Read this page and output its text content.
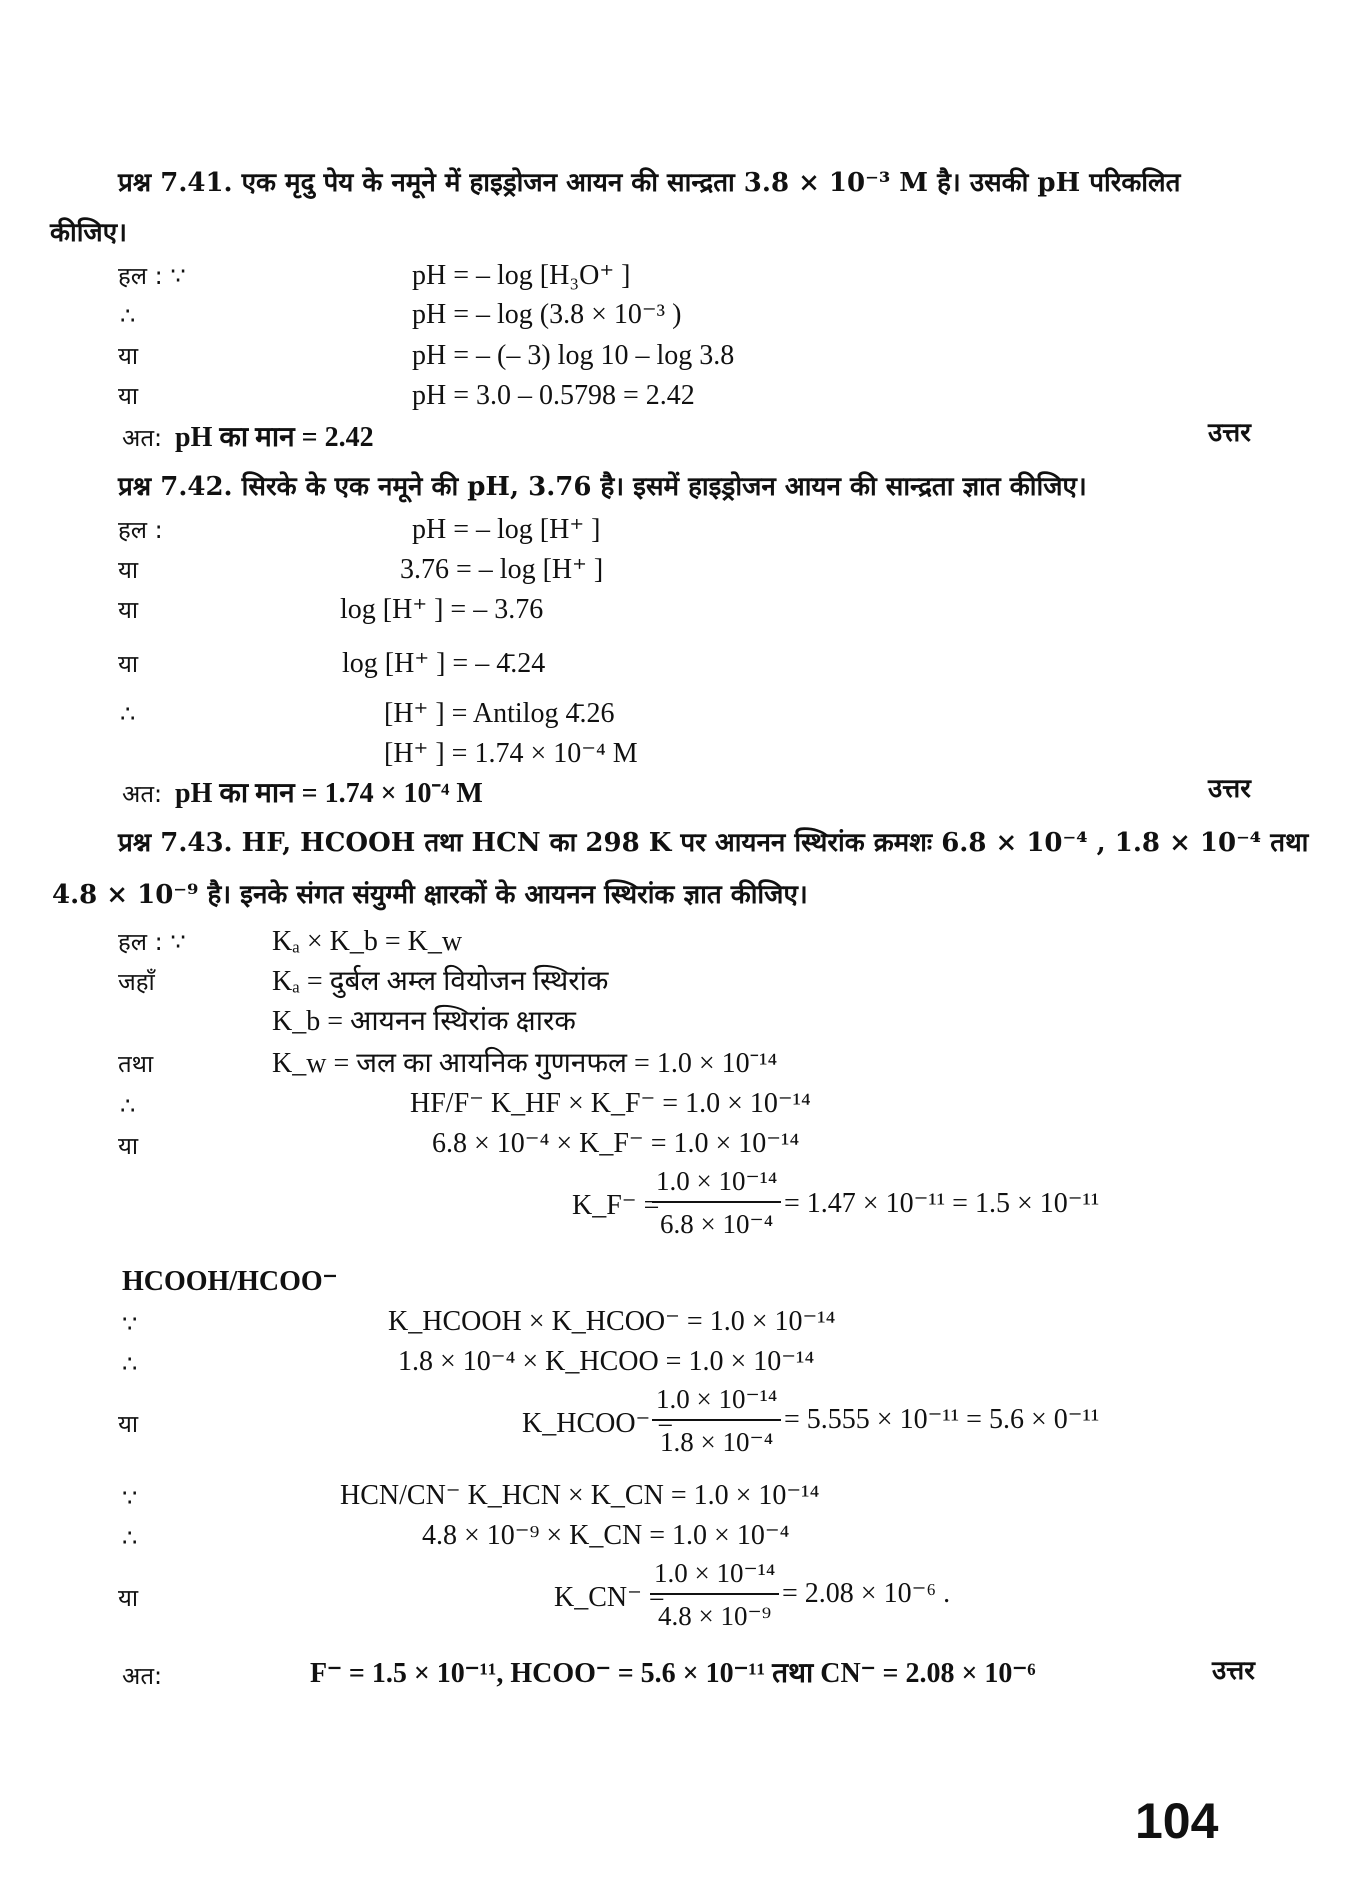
प्रश्न 7.41. एक मृदु पेय के नमूने में हाइड्रोजन आयन की सान्द्रता 3.8 × 10⁻³ M है। उसकी pH परिकलित
कीजिए।
हल : ∵	pH = – log [H₃O⁺ ]
∴	pH = – log (3.8 × 10⁻³ )
या	pH = – (– 3) log 10 – log 3.8
या	pH = 3.0 – 0.5798 = 2.42
अत: pH का मान = 2.42	उत्तर
प्रश्न 7.42. सिरके के एक नमूने की pH, 3.76 है। इसमें हाइड्रोजन आयन की सान्द्रता ज्ञात कीजिए।
हल :	pH = – log [H⁺ ]
या	3.76 = – log [H⁺ ]
या	log [H⁺ ] = – 3.76
या	log [H⁺ ] = – 4̄.24
∴	[H⁺ ] = Antilog 4̄.26
[H⁺ ] = 1.74 × 10⁻⁴ M
अत: pH का मान = 1.74 × 10⁻⁴ M	उत्तर
प्रश्न 7.43. HF, HCOOH तथा HCN का 298 K पर आयनन स्थिरांक क्रमशः 6.8 × 10⁻⁴ , 1.8 × 10⁻⁴ तथा
4.8 × 10⁻⁹ है। इनके संगत संयुग्मी क्षारकों के आयनन स्थिरांक ज्ञात कीजिए।
हल : ∵	Kₐ × K_b = K_w
जहाँ	Kₐ = दुर्बल अम्ल वियोजन स्थिरांक
K_b = आयनन स्थिरांक क्षारक
तथा	K_w = जल का आयनिक गुणनफल = 1.0 × 10⁻¹⁴
∴	HF/F⁻ K_HF × K_F⁻ = 1.0 × 10⁻¹⁴
या	6.8 × 10⁻⁴ × K_F⁻ = 1.0 × 10⁻¹⁴
K_F⁻ =
1.0 × 10⁻¹⁴
6.8 × 10⁻⁴
= 1.47 × 10⁻¹¹ = 1.5 × 10⁻¹¹
HCOOH/HCOO⁻
∵	K_HCOOH × K_HCOO⁻ = 1.0 × 10⁻¹⁴
∴	1.8 × 10⁻⁴ × K_HCOO = 1.0 × 10⁻¹⁴
या	K_HCOO⁻ =
1.0 × 10⁻¹⁴
1.8 × 10⁻⁴
= 5.555 × 10⁻¹¹ = 5.6 × 0⁻¹¹
∵	HCN/CN⁻ K_HCN × K_CN = 1.0 × 10⁻¹⁴
∴	4.8 × 10⁻⁹ × K_CN = 1.0 × 10⁻⁴
या	K_CN⁻ =
1.0 × 10⁻¹⁴
4.8 × 10⁻⁹
= 2.08 × 10⁻⁶ .
अत:	F⁻ = 1.5 × 10⁻¹¹, HCOO⁻ = 5.6 × 10⁻¹¹ तथा CN⁻ = 2.08 × 10⁻⁶	उत्तर
104
